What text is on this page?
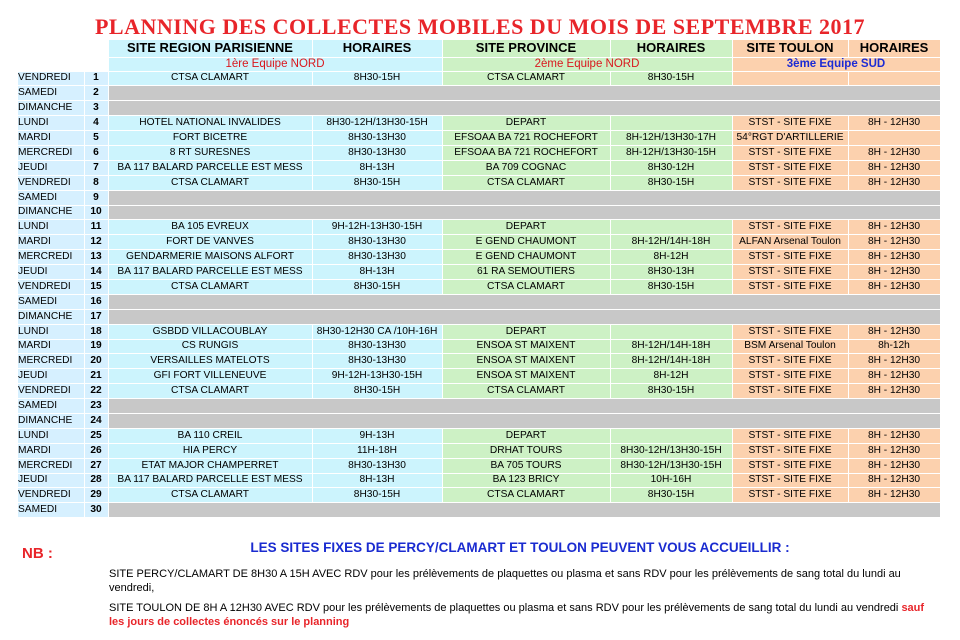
PLANNING DES COLLECTES MOBILES DU MOIS DE SEPTEMBRE 2017
		SITE REGION PARISIENNE	HORAIRES	SITE PROVINCE	HORAIRES	SITE TOULON	HORAIRES
		1ère Equipe NORD		2ème Equipe NORD		3ème Equipe SUD	
VENDREDI	1	CTSA CLAMART	8H30-15H	CTSA CLAMART	8H30-15H		
SAMEDI	2						
DIMANCHE	3						
LUNDI	4	HOTEL NATIONAL INVALIDES	8H30-12H/13H30-15H	DEPART		STST - SITE FIXE	8H - 12H30
MARDI	5	FORT BICETRE	8H30-13H30	EFSOAA BA 721 ROCHEFORT	8H-12H/13H30-17H	54°RGT D'ARTILLERIE	
MERCREDI	6	8 RT SURESNES	8H30-13H30	EFSOAA BA 721 ROCHEFORT	8H-12H/13H30-15H	STST - SITE FIXE	8H - 12H30
JEUDI	7	BA 117 BALARD PARCELLE EST MESS	8H-13H	BA 709 COGNAC	8H30-12H	STST - SITE FIXE	8H - 12H30
VENDREDI	8	CTSA CLAMART	8H30-15H	CTSA CLAMART	8H30-15H	STST - SITE FIXE	8H - 12H30
SAMEDI	9						
DIMANCHE	10						
LUNDI	11	BA 105 EVREUX	9H-12H-13H30-15H	DEPART		STST - SITE FIXE	8H - 12H30
MARDI	12	FORT DE VANVES	8H30-13H30	E GEND CHAUMONT	8H-12H/14H-18H	ALFAN Arsenal Toulon	8H - 12H30
MERCREDI	13	GENDARMERIE MAISONS ALFORT	8H30-13H30	E GEND CHAUMONT	8H-12H	STST - SITE FIXE	8H - 12H30
JEUDI	14	BA 117 BALARD PARCELLE EST MESS	8H-13H	61 RA SEMOUTIERS	8H30-13H	STST - SITE FIXE	8H - 12H30
VENDREDI	15	CTSA CLAMART	8H30-15H	CTSA CLAMART	8H30-15H	STST - SITE FIXE	8H - 12H30
SAMEDI	16						
DIMANCHE	17						
LUNDI	18	GSBDD VILLACOUBLAY	8H30-12H30 CA /10H-16H	DEPART		STST - SITE FIXE	8H - 12H30
MARDI	19	CS RUNGIS	8H30-13H30	ENSOA ST MAIXENT	8H-12H/14H-18H	BSM Arsenal Toulon	8h-12h
MERCREDI	20	VERSAILLES MATELOTS	8H30-13H30	ENSOA ST MAIXENT	8H-12H/14H-18H	STST - SITE FIXE	8H - 12H30
JEUDI	21	GFI FORT VILLENEUVE	9H-12H-13H30-15H	ENSOA ST MAIXENT	8H-12H	STST - SITE FIXE	8H - 12H30
VENDREDI	22	CTSA CLAMART	8H30-15H	CTSA CLAMART	8H30-15H	STST - SITE FIXE	8H - 12H30
SAMEDI	23						
DIMANCHE	24						
LUNDI	25	BA 110 CREIL	9H-13H	DEPART		STST - SITE FIXE	8H - 12H30
MARDI	26	HIA PERCY	11H-18H	DRHAT TOURS	8H30-12H/13H30-15H	STST - SITE FIXE	8H - 12H30
MERCREDI	27	ETAT MAJOR CHAMPERRET	8H30-13H30	BA 705 TOURS	8H30-12H/13H30-15H	STST - SITE FIXE	8H - 12H30
JEUDI	28	BA 117 BALARD PARCELLE EST MESS	8H-13H	BA 123 BRICY	10H-16H	STST - SITE FIXE	8H - 12H30
VENDREDI	29	CTSA CLAMART	8H30-15H	CTSA CLAMART	8H30-15H	STST - SITE FIXE	8H - 12H30
SAMEDI	30						
NB :	LES SITES FIXES DE PERCY/CLAMART ET TOULON PEUVENT VOUS ACCUEILLIR :
SITE PERCY/CLAMART DE 8H30 A 15H AVEC RDV pour les prélèvements de plaquettes ou plasma et sans RDV pour les prélèvements de sang total du lundi au vendredi,
SITE TOULON DE 8H A 12H30 AVEC RDV pour les prélèvements de plaquettes ou plasma et sans RDV pour les prélèvements de sang total du lundi au vendredi sauf les jours de collectes énoncés sur le planning
